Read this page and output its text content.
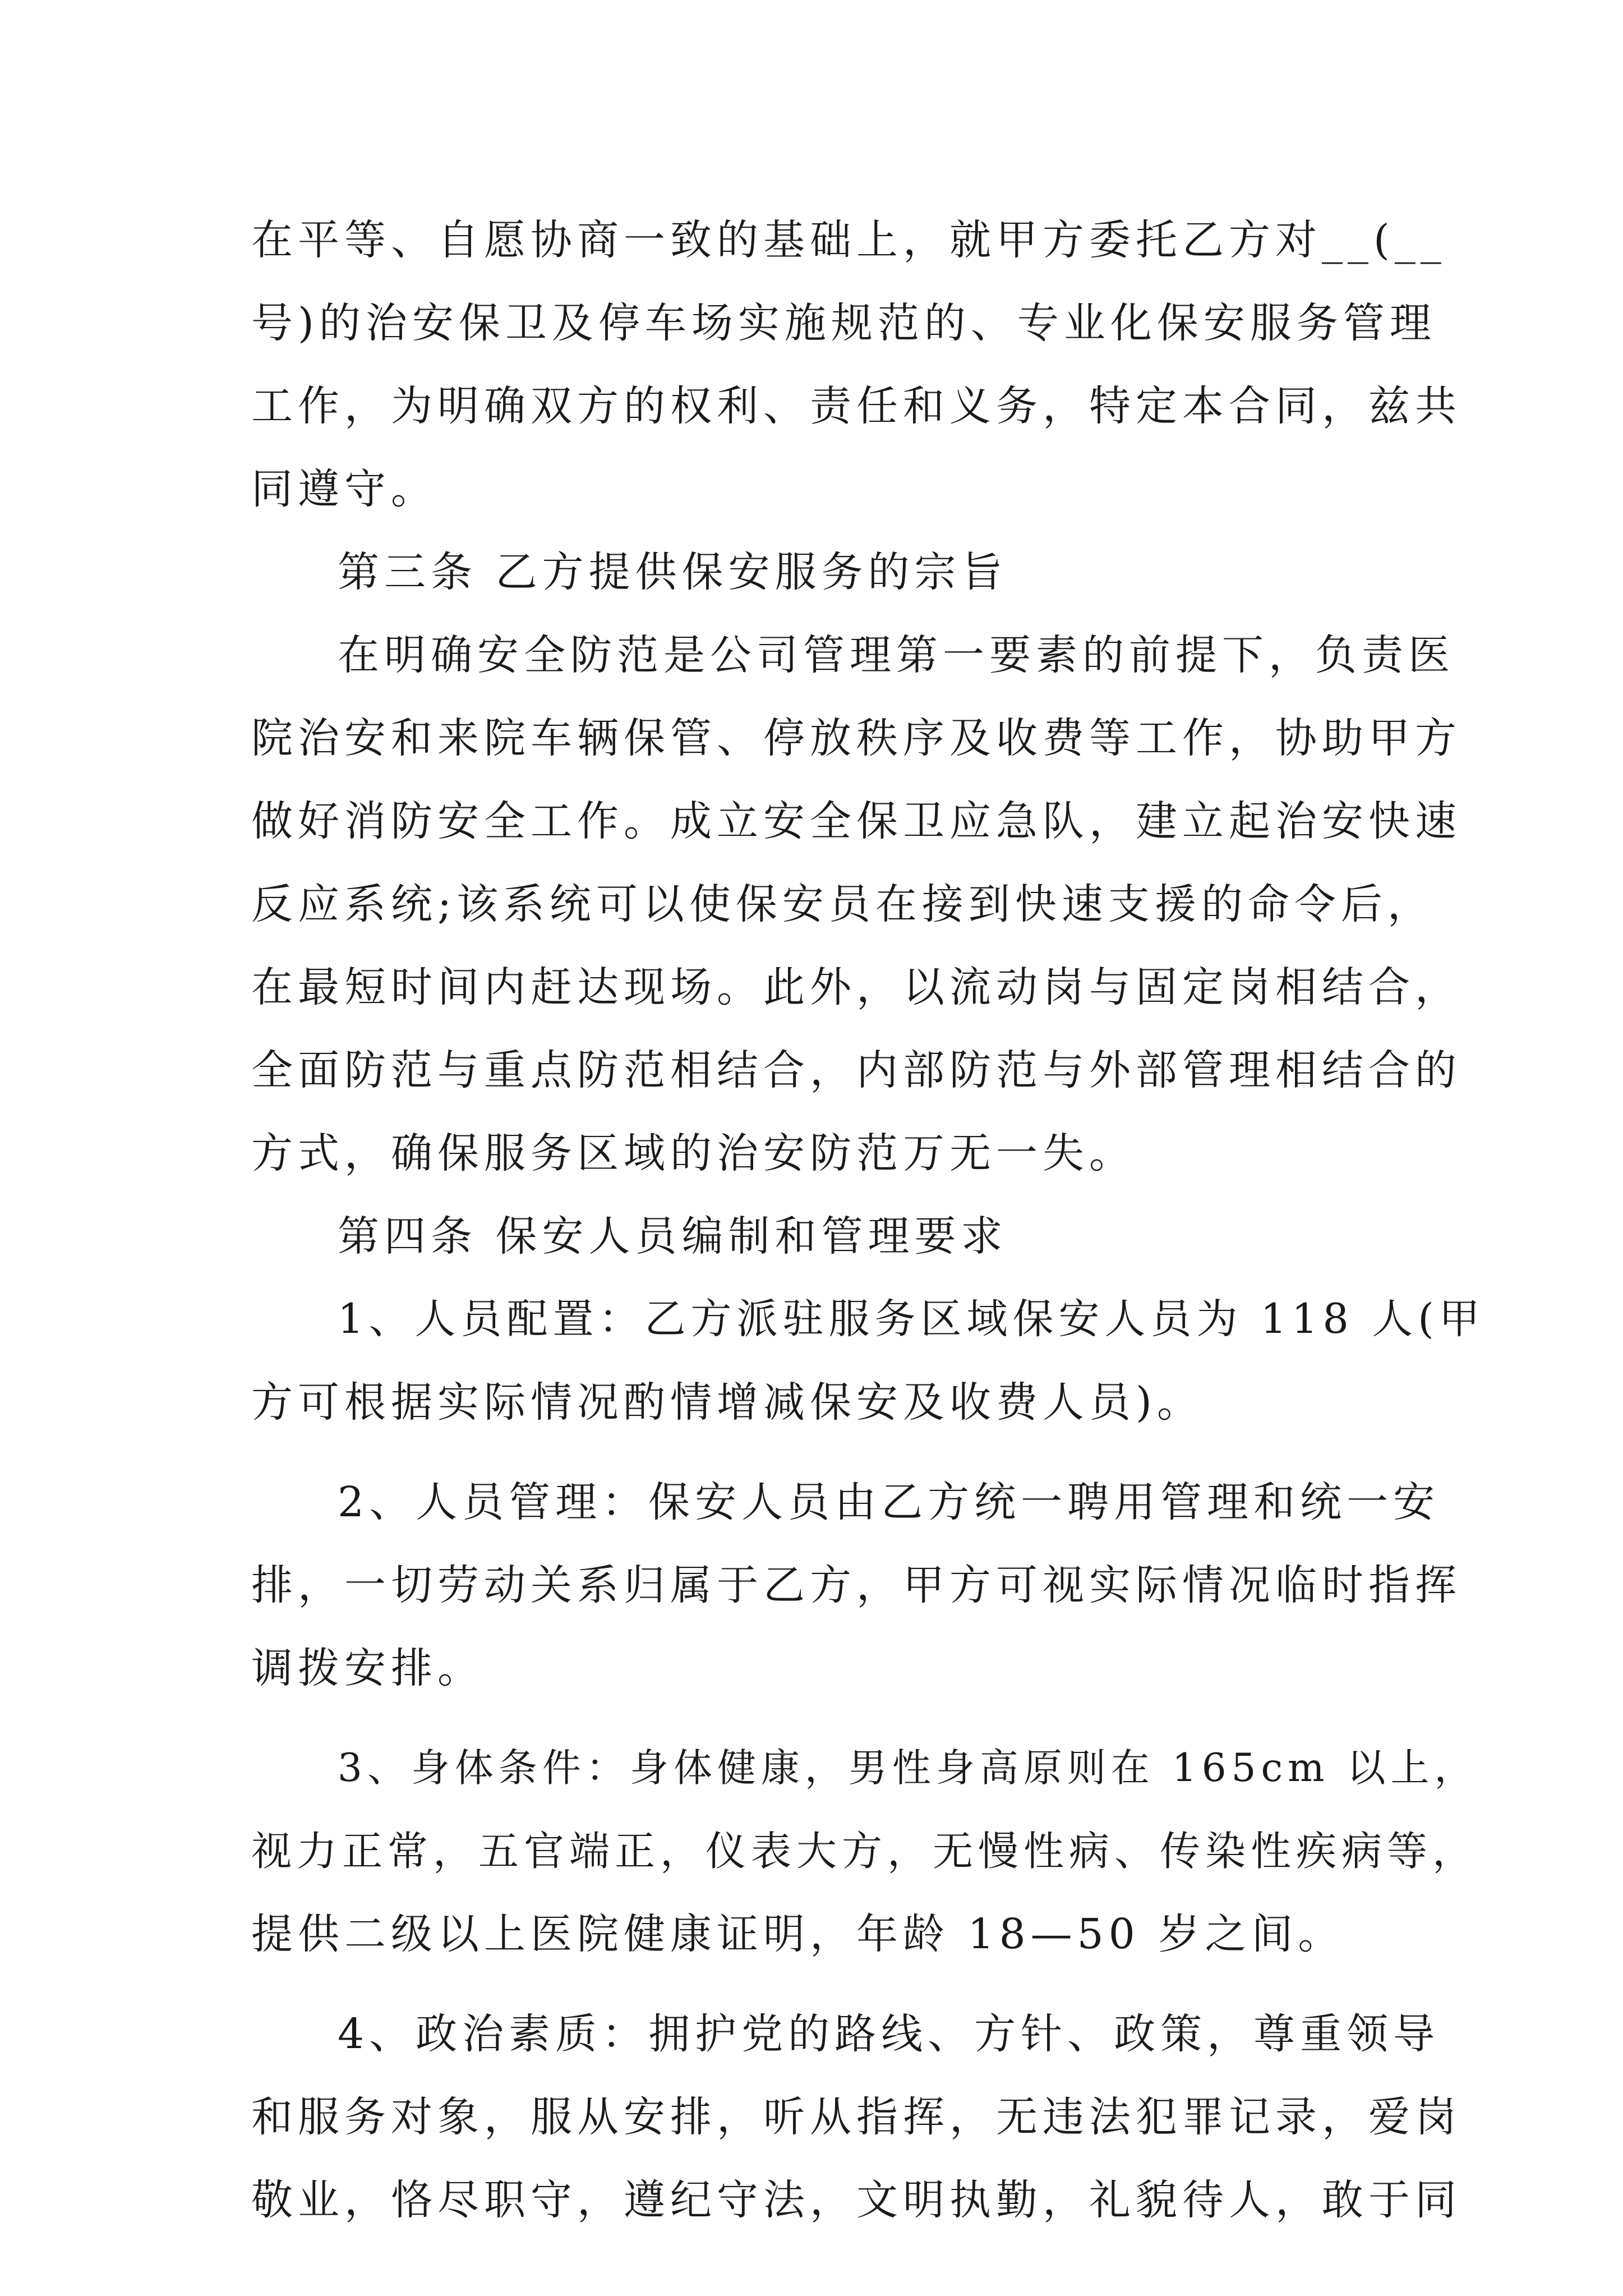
在平等、自愿协商一致的基础上，就甲方委托乙方对__(__
号)的治安保卫及停车场实施规范的、专业化保安服务管理
工作，为明确双方的权利、责任和义务，特定本合同，兹共
同遵守。
第三条 乙方提供保安服务的宗旨
在明确安全防范是公司管理第一要素的前提下，负责医
院治安和来院车辆保管、停放秩序及收费等工作，协助甲方
做好消防安全工作。成立安全保卫应急队，建立起治安快速
反应系统;该系统可以使保安员在接到快速支援的命令后，
在最短时间内赶达现场。此外，以流动岗与固定岗相结合，
全面防范与重点防范相结合，内部防范与外部管理相结合的
方式，确保服务区域的治安防范万无一失。
第四条 保安人员编制和管理要求
1、人员配置：乙方派驻服务区域保安人员为 118 人(甲
方可根据实际情况酌情增减保安及收费人员)。
2、人员管理：保安人员由乙方统一聘用管理和统一安
排，一切劳动关系归属于乙方，甲方可视实际情况临时指挥
调拨安排。
3、身体条件：身体健康，男性身高原则在 165cm 以上，
视力正常，五官端正，仪表大方，无慢性病、传染性疾病等，
提供二级以上医院健康证明，年龄 18—50 岁之间。
4、政治素质：拥护党的路线、方针、政策，尊重领导
和服务对象，服从安排，听从指挥，无违法犯罪记录，爱岗
敬业，恪尽职守，遵纪守法，文明执勤，礼貌待人，敢于同
